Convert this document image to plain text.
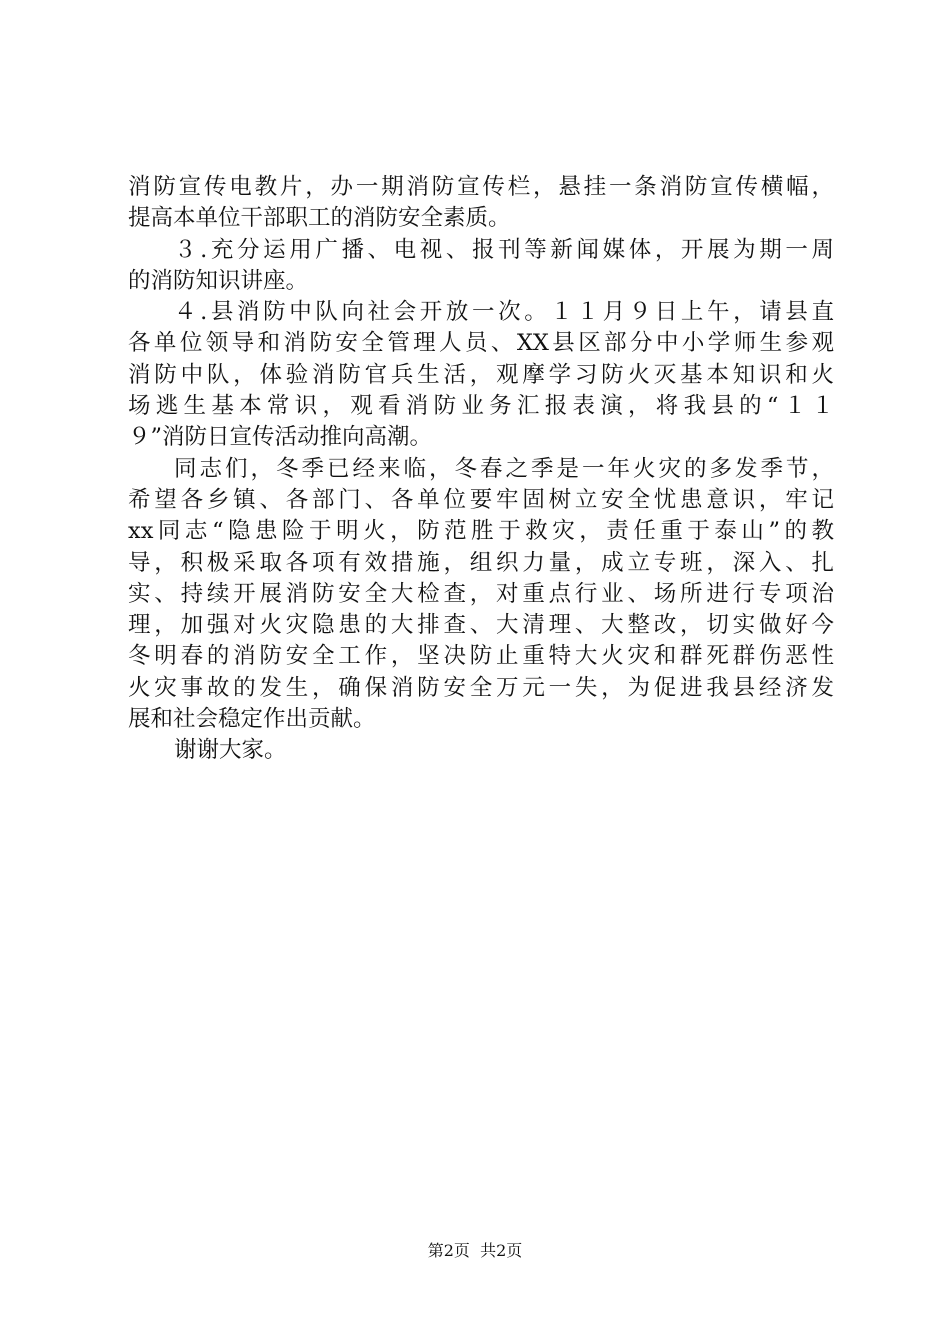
消防宣传电教片，办一期消防宣传栏，悬挂一条消防宣传横幅，
提高本单位干部职工的消防安全素质。
３.充分运用广播、电视、报刊等新闻媒体，开展为期一周
的消防知识讲座。
４.县消防中队向社会开放一次。１１月９日上午，请县直
各单位领导和消防安全管理人员、XX县区部分中小学师生参观
消防中队，体验消防官兵生活，观摩学习防火灭基本知识和火
场逃生基本常识，观看消防业务汇报表演，将我县的“１１
９”消防日宣传活动推向高潮。
同志们，冬季已经来临，冬春之季是一年火灾的多发季节，
希望各乡镇、各部门、各单位要牢固树立安全忧患意识，牢记
xx同志“隐患险于明火，防范胜于救灾，责任重于泰山”的教
导，积极采取各项有效措施，组织力量，成立专班，深入、扎
实、持续开展消防安全大检查，对重点行业、场所进行专项治
理，加强对火灾隐患的大排查、大清理、大整改，切实做好今
冬明春的消防安全工作，坚决防止重特大火灾和群死群伤恶性
火灾事故的发生，确保消防安全万元一失，为促进我县经济发
展和社会稳定作出贡献。
谢谢大家。
第2页  共2页
